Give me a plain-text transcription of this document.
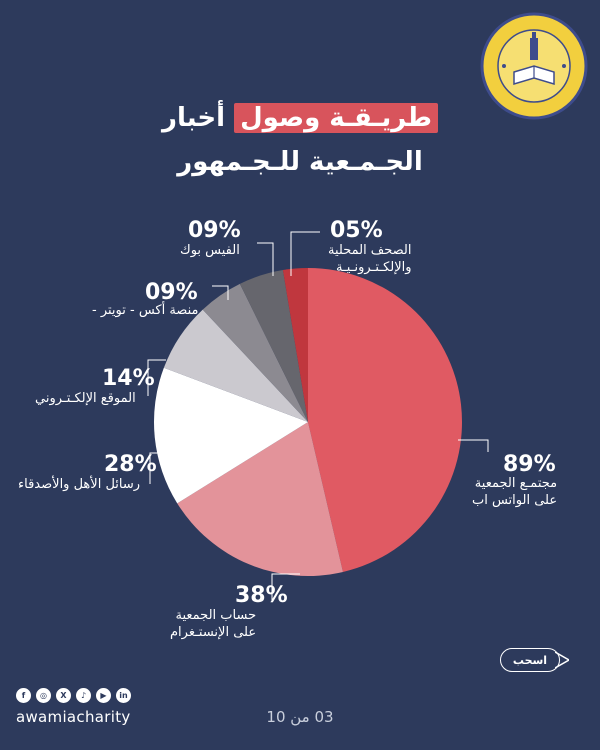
طريـقـة وصول أخبار
الجـمـعية للـجـمهور
89%
مجتمـع الجمعية
على الواتس اب
38%
حساب الجمعية
على الإنستـغرام
28%
رسائل الأهل والأصدقاء
14%
الموقع الإلكـتـروني
09%
منصة أكس - تويتر -
09%
الفيس بوك
05%
الصحف المحلية
والإلكـتـرونـيـة
اسحب
f	◎	X	♪	▶	in
awamiacharity	03 من 10
